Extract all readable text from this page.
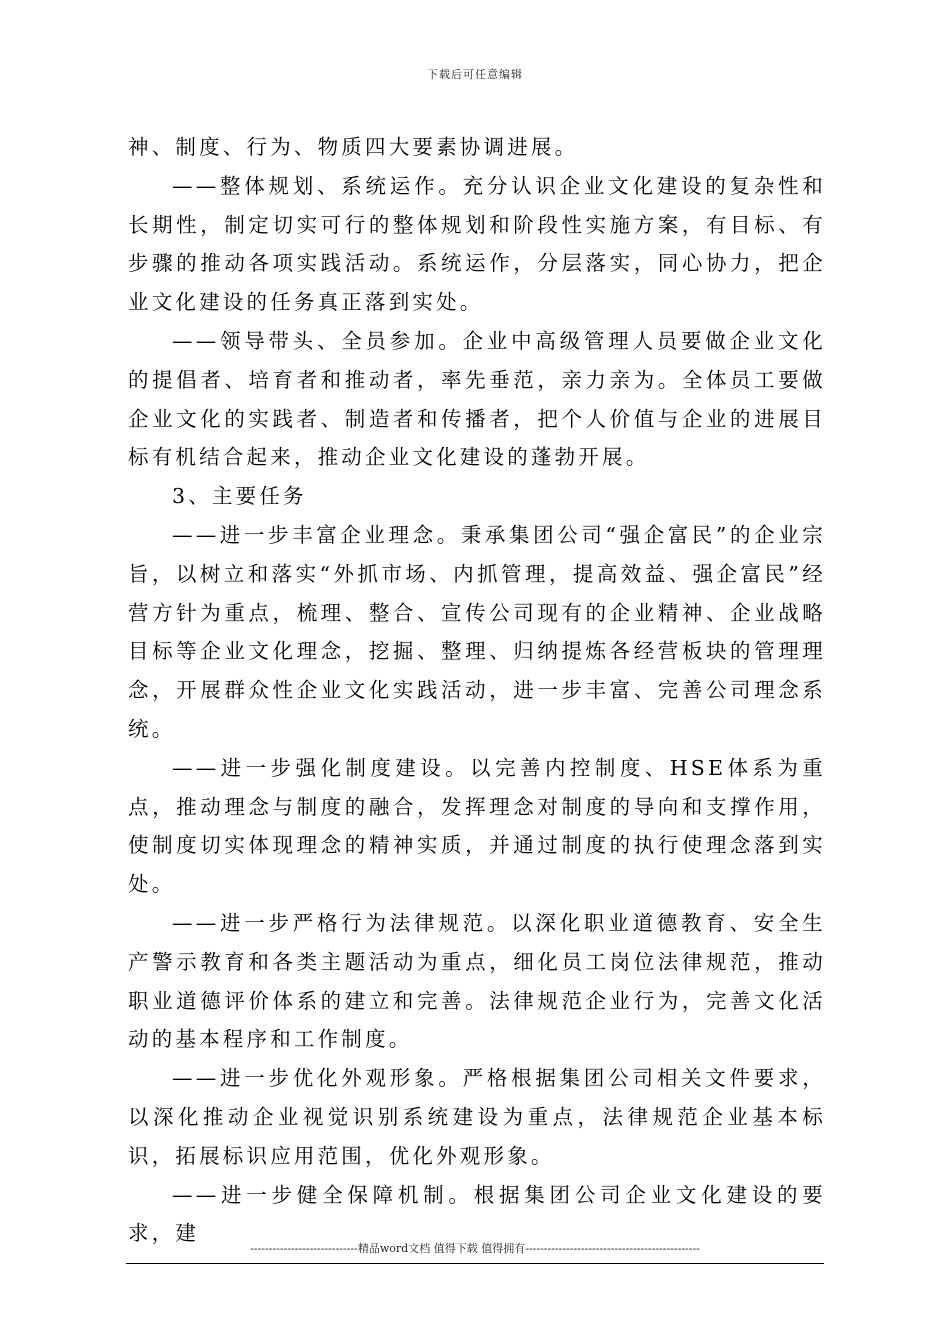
下载后可任意编辑

神、制度、行为、物质四大要素协调进展。

——整体规划、系统运作。充分认识企业文化建设的复杂性和长期性，制定切实可行的整体规划和阶段性实施方案，有目标、有步骤的推动各项实践活动。系统运作，分层落实，同心协力，把企业文化建设的任务真正落到实处。

——领导带头、全员参加。企业中高级管理人员要做企业文化的提倡者、培育者和推动者，率先垂范，亲力亲为。全体员工要做企业文化的实践者、制造者和传播者，把个人价值与企业的进展目标有机结合起来，推动企业文化建设的蓬勃开展。

3、主要任务

——进一步丰富企业理念。秉承集团公司“强企富民”的企业宗旨，以树立和落实“外抓市场、内抓管理，提高效益、强企富民”经营方针为重点，梳理、整合、宣传公司现有的企业精神、企业战略目标等企业文化理念，挖掘、整理、归纳提炼各经营板块的管理理念，开展群众性企业文化实践活动，进一步丰富、完善公司理念系统。

——进一步强化制度建设。以完善内控制度、HSE体系为重点，推动理念与制度的融合，发挥理念对制度的导向和支撑作用，使制度切实体现理念的精神实质，并通过制度的执行使理念落到实处。

——进一步严格行为法律规范。以深化职业道德教育、安全生产警示教育和各类主题活动为重点，细化员工岗位法律规范，推动职业道德评价体系的建立和完善。法律规范企业行为，完善文化活动的基本程序和工作制度。

——进一步优化外观形象。严格根据集团公司相关文件要求，以深化推动企业视觉识别系统建设为重点，法律规范企业基本标识，拓展标识应用范围，优化外观形象。

——进一步健全保障机制。根据集团公司企业文化建设的要求，建

-----------------------------精品word文档 值得下载 值得拥有-----------------------------------------------
